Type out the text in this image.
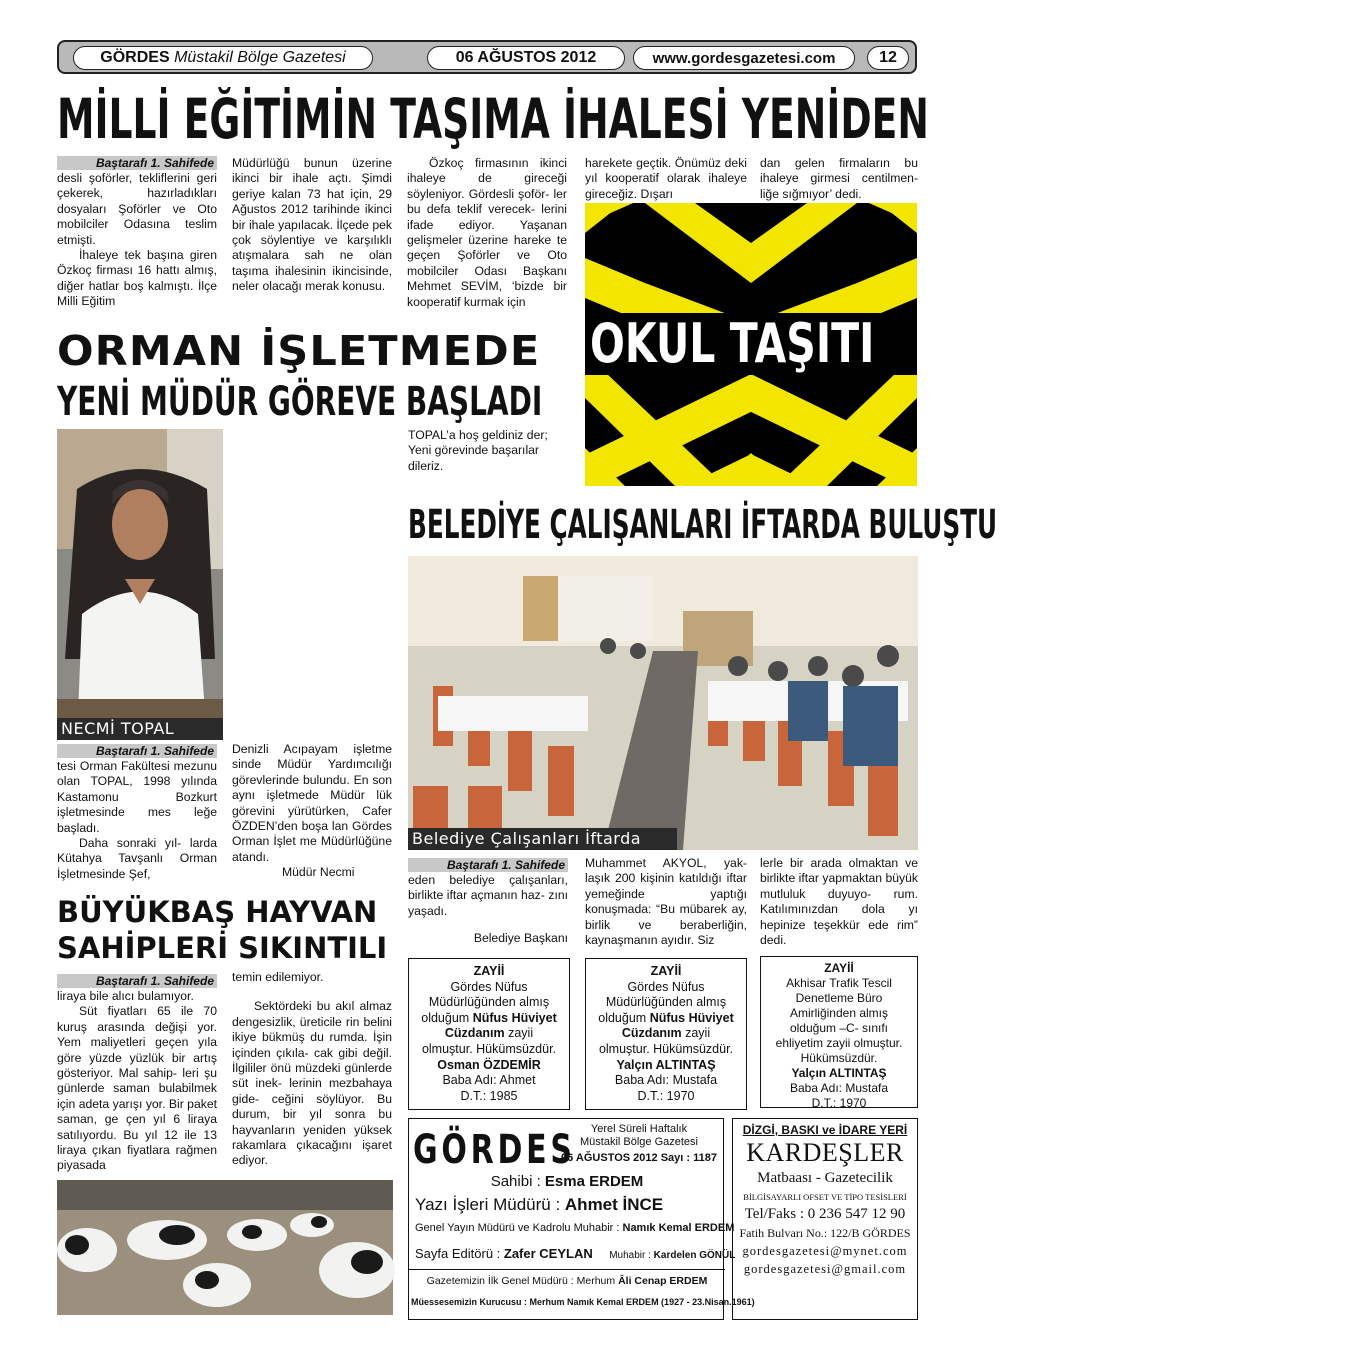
GÖRDES
Müstakil Bölge Gazetesi	06 AĞUSTOS 2012	www.gordesgazetesi.com	12
MİLLİ EĞİTİMİN TAŞIMA İHALESİ YENİDEN
Baştarafı 1. Sahifede

desli şoförler, tekliflerini geri çekerek, hazırladıkları dosyaları Şoförler ve Oto mobilciler Odasına teslim etmişti.

İhaleye tek başına giren Özkoç firması 16 hattı almış, diğer hatlar boş kalmıştı. İlçe Milli Eğitim

Müdürlüğü bunun üzerine ikinci bir ihale açtı. Şimdi geriye kalan 73 hat için, 29 Ağustos 2012 tarihinde ikinci bir ihale yapılacak. İlçede pek çok söylentiye ve karşılıklı atışmalara sah ne olan taşıma ihalesinin ikincisinde, neler olacağı merak konusu.

Özkoç firmasının ikinci ihaleye de gireceği söyleniyor. Gördesli şoför- ler bu defa teklif verecek- lerini ifade ediyor. Yaşanan gelişmeler üzerine hareke te geçen Şoförler ve Oto mobilciler Odası Başkanı Mehmet SEVİM, ‘bizde bir kooperatif kurmak için

harekete geçtik. Önümüz deki yıl kooperatif olarak ihaleye gireceğiz. Dışarı

dan gelen firmaların bu ihaleye girmesi centilmen- liğe sığmıyor’ dedi.

OKUL TAŞITI
ORMAN İŞLETMEDE
YENİ MÜDÜR GÖREVE BAŞLADI

TOPAL’a hoş geldiniz der; Yeni görevinde başarılar dileriz.

NECMİ TOPAL
BELEDİYE ÇALIŞANLARI İFTARDA BULUŞTU
Belediye Çalışanları İftarda
Baştarafı 1. Sahifede

tesi Orman Fakültesi mezunu olan TOPAL, 1998 yılında Kastamonu Bozkurt işletmesinde mes leğe başladı.

Daha sonraki yıl- larda Kütahya Tavşanlı Orman İşletmesinde Şef,

Denizli Acıpayam işletme sinde Müdür Yardımcılığı görevlerinde bulundu. En son aynı işletmede Müdür lük görevini yürütürken, Cafer ÖZDEN’den boşa lan Gördes Orman İşlet me Müdürlüğüne atandı.

Müdür Necmi

Baştarafı 1. Sahifede

eden belediye çalışanları, birlikte iftar açmanın haz- zını yaşadı.

Belediye Başkanı

Muhammet AKYOL, yak- laşık 200 kişinin katıldığı iftar yemeğinde yaptığı konuşmada: “Bu mübarek ay, birlik ve beraberliğin, kaynaşmanın ayıdır. Siz

lerle bir arada olmaktan ve birlikte iftar yapmaktan büyük mutluluk duyuyo- rum. Katılımınızdan dola yı hepinize teşekkür ede rim” dedi.

BÜYÜKBAŞ HAYVAN
SAHİPLERİ SIKINTILI
Baştarafı 1. Sahifede

liraya bile alıcı bulamıyor.

Süt fiyatları 65 ile 70 kuruş arasında değişi yor. Yem maliyetleri geçen yıla göre yüzde yüzlük bir artış gösteriyor. Mal sahip- leri şu günlerde saman bulabilmek için adeta yarışı yor. Bir paket saman, ge çen yıl 6 liraya satılıyordu. Bu yıl 12 ile 13 liraya çıkan fiyatlara rağmen piyasada

temin edilemiyor.

Sektördeki bu akıl almaz dengesizlik, üreticile rin belini ikiye bükmüş du rumda. İşin içinden çıkıla- cak gibi değil. İlgililer önü müzdeki günlerde süt inek- lerinin mezbahaya gide- ceğini söylüyor. Bu durum, bir yıl sonra bu hayvanların yeniden yüksek rakamlara çıkacağını işaret ediyor.

ZAYİİ
Gördes Nüfus
Müdürlüğünden almış
olduğum Nüfus Hüviyet
Cüzdanım zayii
olmuştur. Hükümsüzdür.
Osman ÖZDEMİR
Baba Adı: Ahmet
D.T.: 1985
ZAYİİ
Gördes Nüfus
Müdürlüğünden almış
olduğum Nüfus Hüviyet
Cüzdanım zayii
olmuştur. Hükümsüzdür.
Yalçın ALTINTAŞ
Baba Adı: Mustafa
D.T.: 1970
ZAYİİ
Akhisar Trafik Tescil
Denetleme Büro
Amirliğinden almış
olduğum –C- sınıfı
ehliyetim zayii olmuştur.
Hükümsüzdür.
Yalçın ALTINTAŞ
Baba Adı: Mustafa
D.T.: 1970
GÖRDES	Yerel Süreli Haftalık
Müstakil Bölge Gazetesi
06 AĞUSTOS 2012 Sayı : 1187
Sahibi : Esma ERDEM
Yazı İşleri Müdürü : Ahmet İNCE
Genel Yayın Müdürü ve Kadrolu Muhabir : Namık Kemal ERDEM
Sayfa Editörü : Zafer CEYLAN Muhabir : Kardelen GÖNÜL
Gazetemizin İlk Genel Müdürü : Merhum Âli Cenap ERDEM
Müessesemizin Kurucusu : Merhum Namık Kemal ERDEM (1927 - 23.Nisan.1961)
DİZGİ, BASKI ve İDARE YERİ
KARDEŞLER
Matbaası - Gazetecilik
BİLGİSAYARLI OFSET VE TİPO TESİSLERİ
Tel/Faks : 0 236 547 12 90
Fatih Bulvarı No.: 122/B GÖRDES
gordesgazetesi@mynet.com
gordesgazetesi@gmail.com
